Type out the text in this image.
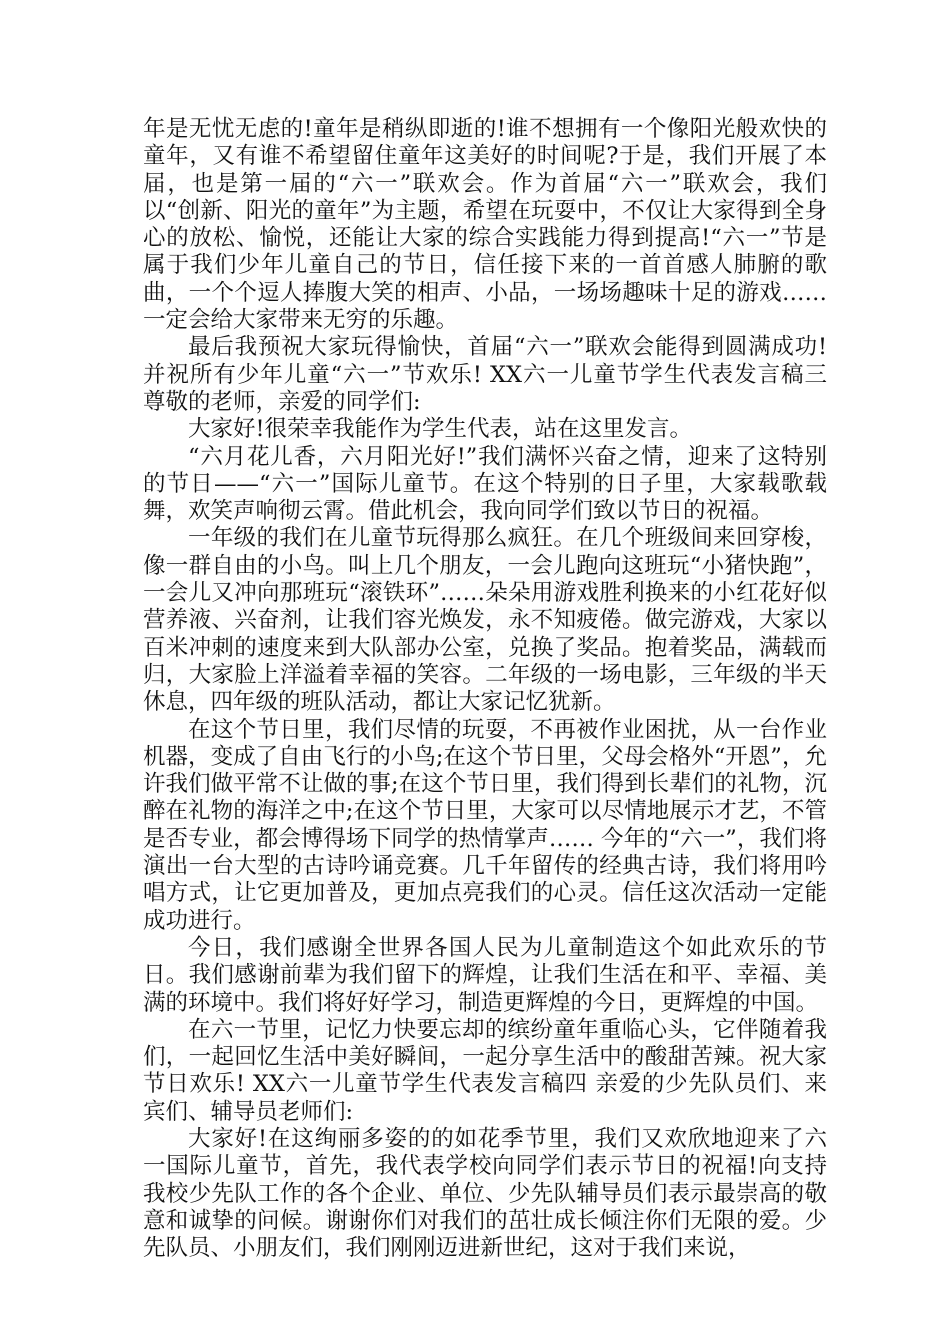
年是无忧无虑的!童年是稍纵即逝的!谁不想拥有一个像阳光般欢快的童年，又有谁不希望留住童年这美好的时间呢?于是，我们开展了本届，也是第一届的“六一”联欢会。作为首届“六一”联欢会，我们以“创新、阳光的童年”为主题，希望在玩耍中，不仅让大家得到全身心的放松、愉悦，还能让大家的综合实践能力得到提高!“六一”节是属于我们少年儿童自己的节日，信任接下来的一首首感人肺腑的歌曲，一个个逗人捧腹大笑的相声、小品，一场场趣味十足的游戏……一定会给大家带来无穷的乐趣。

最后我预祝大家玩得愉快，首届“六一”联欢会能得到圆满成功!并祝所有少年儿童“六一”节欢乐! XX六一儿童节学生代表发言稿三 尊敬的老师，亲爱的同学们:

大家好!很荣幸我能作为学生代表，站在这里发言。

“六月花儿香，六月阳光好!”我们满怀兴奋之情，迎来了这特别的节日——“六一”国际儿童节。在这个特别的日子里，大家载歌载舞，欢笑声响彻云霄。借此机会，我向同学们致以节日的祝福。

一年级的我们在儿童节玩得那么疯狂。在几个班级间来回穿梭，像一群自由的小鸟。叫上几个朋友，一会儿跑向这班玩“小猪快跑”，一会儿又冲向那班玩“滚铁环”……朵朵用游戏胜利换来的小红花好似营养液、兴奋剂，让我们容光焕发，永不知疲倦。做完游戏，大家以百米冲刺的速度来到大队部办公室，兑换了奖品。抱着奖品，满载而归，大家脸上洋溢着幸福的笑容。二年级的一场电影，三年级的半天休息，四年级的班队活动，都让大家记忆犹新。

在这个节日里，我们尽情的玩耍，不再被作业困扰，从一台作业机器，变成了自由飞行的小鸟;在这个节日里，父母会格外“开恩”，允许我们做平常不让做的事;在这个节日里，我们得到长辈们的礼物，沉醉在礼物的海洋之中;在这个节日里，大家可以尽情地展示才艺，不管是否专业，都会博得场下同学的热情掌声…… 今年的“六一”，我们将演出一台大型的古诗吟诵竞赛。几千年留传的经典古诗，我们将用吟唱方式，让它更加普及，更加点亮我们的心灵。信任这次活动一定能成功进行。

今日，我们感谢全世界各国人民为儿童制造这个如此欢乐的节日。我们感谢前辈为我们留下的辉煌，让我们生活在和平、幸福、美满的环境中。我们将好好学习，制造更辉煌的今日，更辉煌的中国。

在六一节里，记忆力快要忘却的缤纷童年重临心头，它伴随着我们，一起回忆生活中美好瞬间，一起分享生活中的酸甜苦辣。祝大家节日欢乐! XX六一儿童节学生代表发言稿四 亲爱的少先队员们、来宾们、辅导员老师们:

大家好!在这绚丽多姿的的如花季节里，我们又欢欣地迎来了六一国际儿童节，首先，我代表学校向同学们表示节日的祝福!向支持我校少先队工作的各个企业、单位、少先队辅导员们表示最崇高的敬意和诚挚的问候。谢谢你们对我们的茁壮成长倾注你们无限的爱。少先队员、小朋友们，我们刚刚迈进新世纪，这对于我们来说，
